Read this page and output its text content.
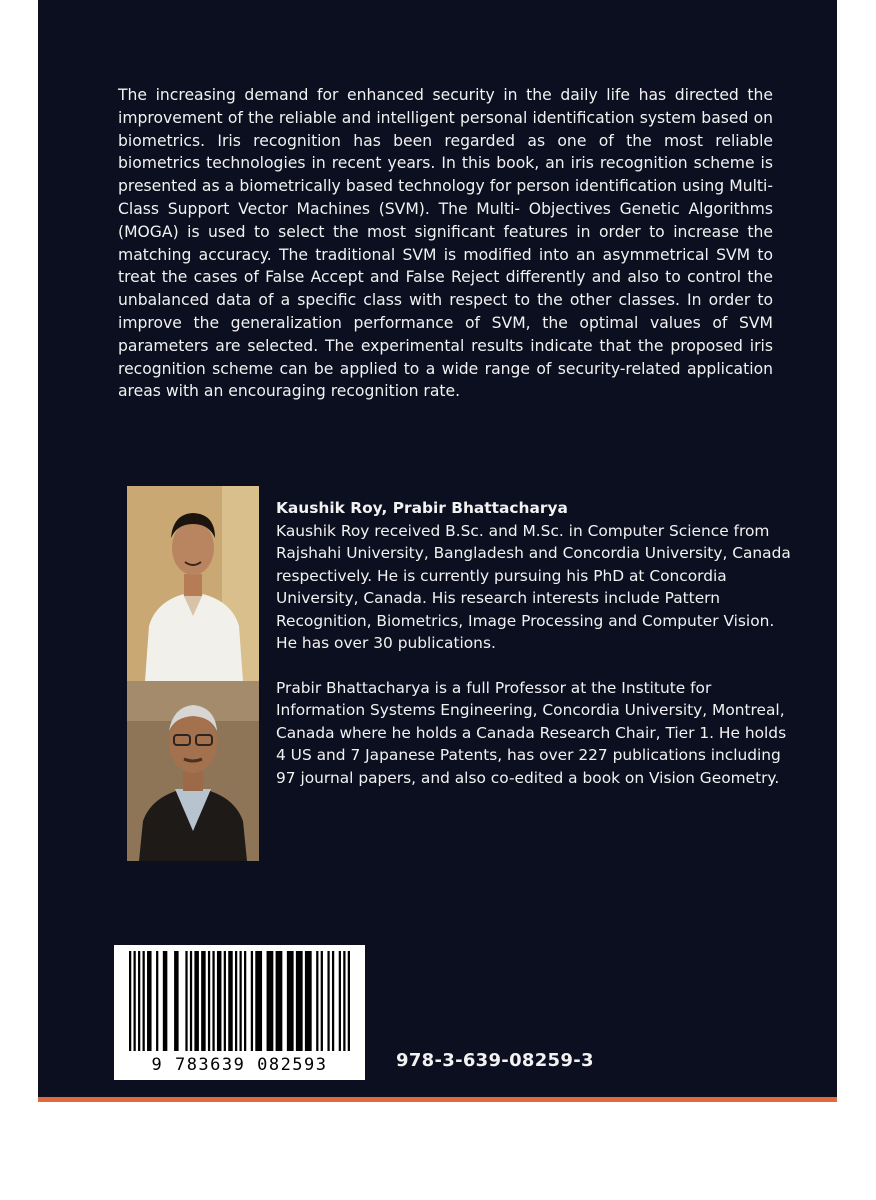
The increasing demand for enhanced security in the daily life has directed the improvement of the reliable and intelligent personal identification system based on biometrics. Iris recognition has been regarded as one of the most reliable biometrics technologies in recent years. In this book, an iris recognition scheme is presented as a biometrically based technology for person identification using Multi-Class Support Vector Machines (SVM). The Multi- Objectives Genetic Algorithms (MOGA) is used to select the most significant features in order to increase the matching accuracy. The traditional SVM is modified into an asymmetrical SVM to treat the cases of False Accept and False Reject differently and also to control the unbalanced data of a specific class with respect to the other classes. In order to improve the generalization performance of SVM, the optimal values of SVM parameters are selected. The experimental results indicate that the proposed iris recognition scheme can be applied to a wide range of security-related application areas with an encouraging recognition rate.

Kaushik Roy, Prabir Bhattacharya

Kaushik Roy received B.Sc. and M.Sc. in Computer Science from Rajshahi University, Bangladesh and Concordia University, Canada respectively. He is currently pursuing his PhD at Concordia University, Canada. His research interests include Pattern Recognition, Biometrics, Image Processing and Computer Vision. He has over 30 publications.

Prabir Bhattacharya is a full Professor at the Institute for Information Systems Engineering, Concordia University, Montreal, Canada where he holds a Canada Research Chair, Tier 1. He holds 4 US and 7 Japanese Patents, has over 227 publications including 97 journal papers, and also co-edited a book on Vision Geometry.

9 783639 082593	978-3-639-08259-3
